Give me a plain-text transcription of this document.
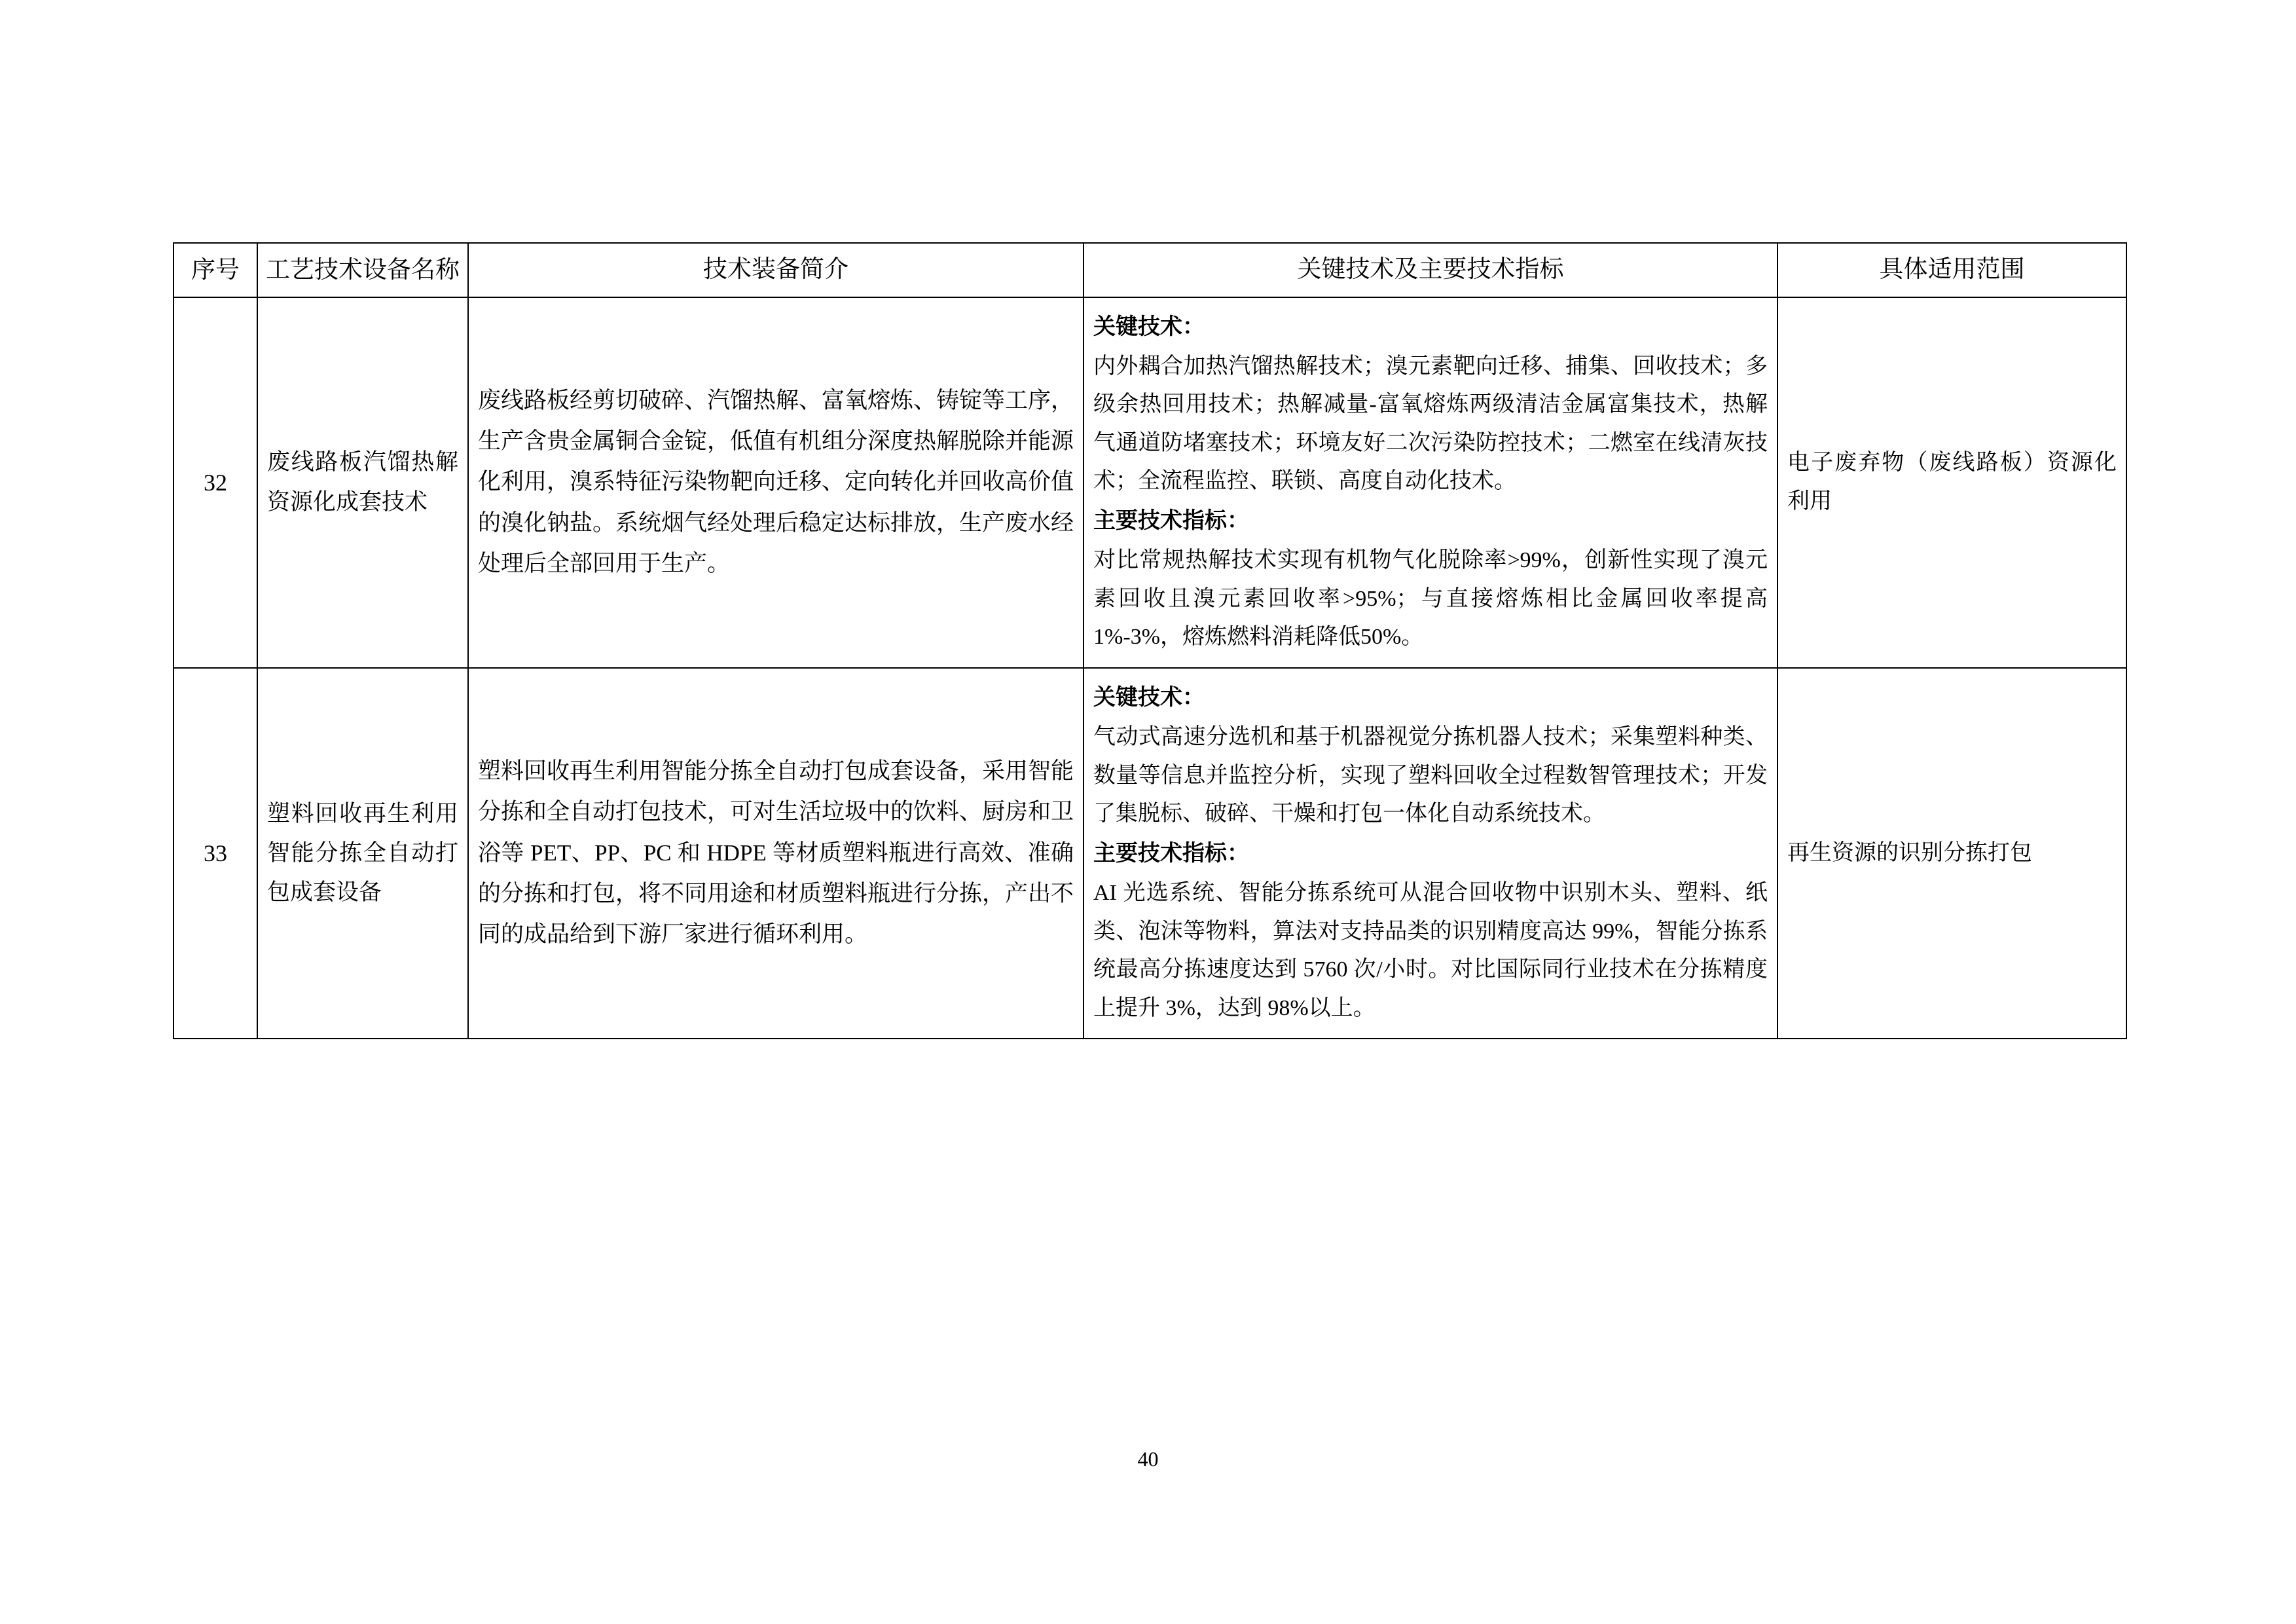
序号	工艺技术设备名称	技术装备简介	关键技术及主要技术指标	具体适用范围
32	废线路板汽馏热解资源化成套技术	废线路板经剪切破碎、汽馏热解、富氧熔炼、铸锭等工序，生产含贵金属铜合金锭，低值有机组分深度热解脱除并能源化利用，溴系特征污染物靶向迁移、定向转化并回收高价值的溴化钠盐。系统烟气经处理后稳定达标排放，生产废水经处理后全部回用于生产。	关键技术：
内外耦合加热汽馏热解技术；溴元素靶向迁移、捕集、回收技术；多级余热回用技术；热解减量-富氧熔炼两级清洁金属富集技术，热解气通道防堵塞技术；环境友好二次污染防控技术；二燃室在线清灰技术；全流程监控、联锁、高度自动化技术。

主要技术指标：
对比常规热解技术实现有机物气化脱除率>99%，创新性实现了溴元素回收且溴元素回收率>95%；与直接熔炼相比金属回收率提高1%-3%，熔炼燃料消耗降低50%。	电子废弃物（废线路板）资源化利用
33	塑料回收再生利用智能分拣全自动打包成套设备	塑料回收再生利用智能分拣全自动打包成套设备，采用智能分拣和全自动打包技术，可对生活垃圾中的饮料、厨房和卫浴等 PET、PP、PC 和 HDPE 等材质塑料瓶进行高效、准确的分拣和打包，将不同用途和材质塑料瓶进行分拣，产出不同的成品给到下游厂家进行循环利用。	关键技术：
气动式高速分选机和基于机器视觉分拣机器人技术；采集塑料种类、数量等信息并监控分析，实现了塑料回收全过程数智管理技术；开发了集脱标、破碎、干燥和打包一体化自动系统技术。

主要技术指标：
AI 光选系统、智能分拣系统可从混合回收物中识别木头、塑料、纸类、泡沫等物料，算法对支持品类的识别精度高达 99%，智能分拣系统最高分拣速度达到 5760 次/小时。对比国际同行业技术在分拣精度上提升 3%，达到 98%以上。	再生资源的识别分拣打包
40
